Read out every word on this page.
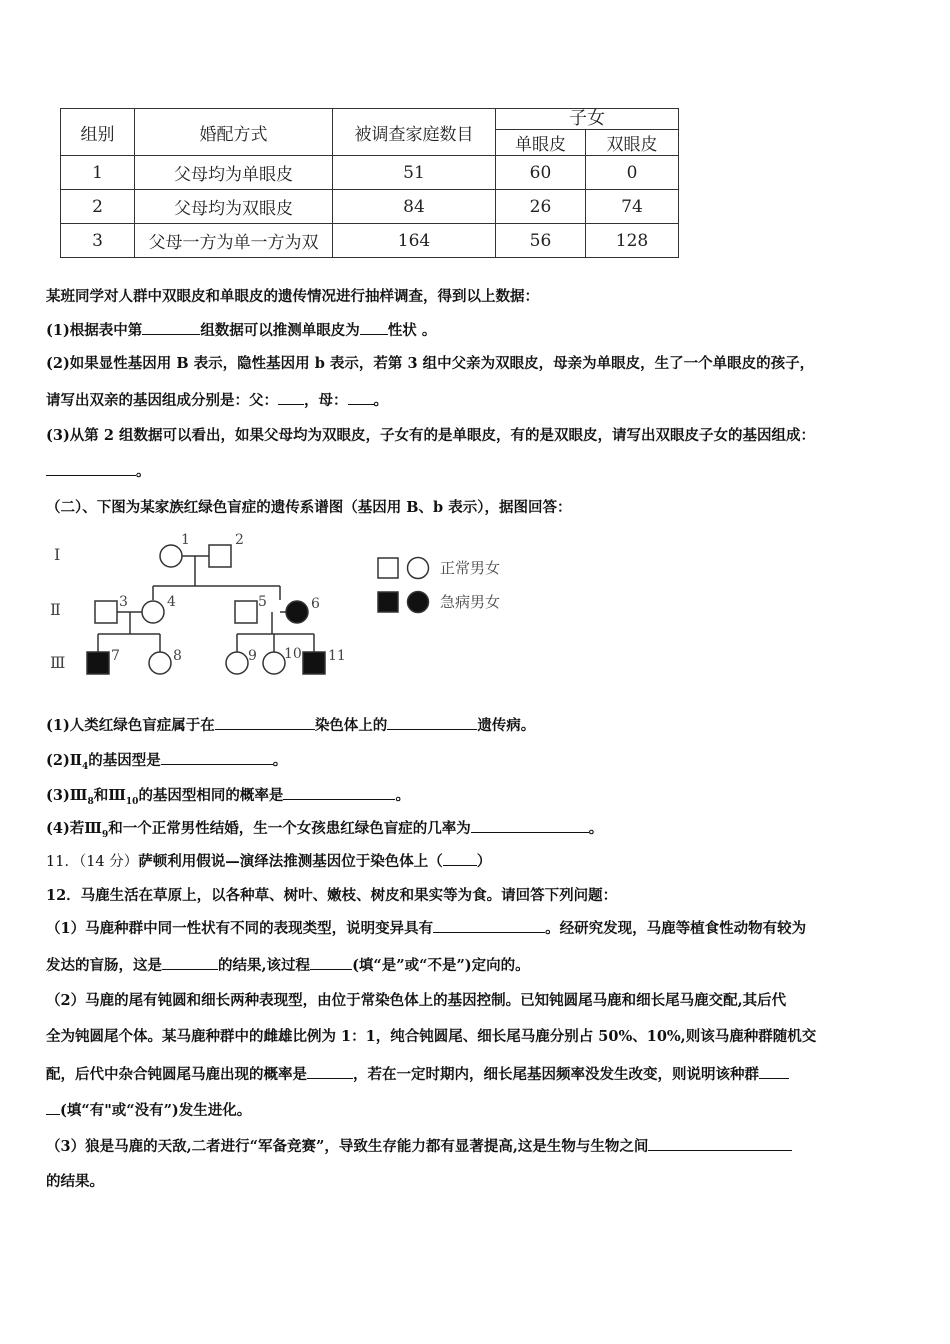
组别	婚配方式	被调查家庭数目	子女	
			单眼皮	双眼皮
1	父母均为单眼皮	51	60	0
2	父母均为双眼皮	84	26	74
3	父母一方为单一方为双	164	56	128
某班同学对人群中双眼皮和单眼皮的遗传情况进行抽样调查，得到以上数据：
(1)根据表中第	组数据可以推测单眼皮为 性状 。
(2)如果显性基因用 B 表示，隐性基因用 b 表示，若第 3 组中父亲为双眼皮，母亲为单眼皮，生了一个单眼皮的孩子，
请写出双亲的基因组成分别是：父： ，母： 。
(3)从第 2 组数据可以看出，如果父母均为双眼皮，子女有的是单眼皮，有的是双眼皮，请写出双眼皮子女的基因组成：
。
（二）、下图为某家族红绿色盲症的遗传系谱图（基因用 B、b 表示），据图回答：
I
Ⅱ
Ⅲ
1	2
3	4	5	6
7	8	9 10 11
正常男女
急病男女
(1)人类红绿色盲症属于在	染色体上的	遗传病。
$(2)Ⅱ_4$的基因型是	。
$(3)Ⅲ_8$和$Ⅲ_{10}$的基因型相同的概率是	。
(4)若$Ⅲ_9$和一个正常男性结婚，生一个女孩患红绿色盲症的几率为	。
11．（14 分）萨顿利用假说—演绎法推测基因位于染色体上（ ）
12．马鹿生活在草原上，以各种草、树叶、嫩枝、树皮和果实等为食。请回答下列问题：
（1）马鹿种群中同一性状有不同的表现类型，说明变异具有	。经研究发现，马鹿等植食性动物有较为
发达的盲肠，这是	的结果,该过程	(填“是”或“不是”)定向的。
（2）马鹿的尾有钝圆和细长两种表现型，由位于常染色体上的基因控制。已知钝圆尾马鹿和细长尾马鹿交配,其后代
全为钝圆尾个体。某马鹿种群中的雌雄比例为 1：1，纯合钝圆尾、细长尾马鹿分别占 50%、10%,则该马鹿种群随机交
配，后代中杂合钝圆尾马鹿出现的概率是	，若在一定时期内，细长尾基因频率没发生改变，则说明该种群
(填“有"或“没有”)发生进化。
（3）狼是马鹿的天敌,二者进行“军备竞赛”，导致生存能力都有显著提高,这是生物与生物之间
的结果。
